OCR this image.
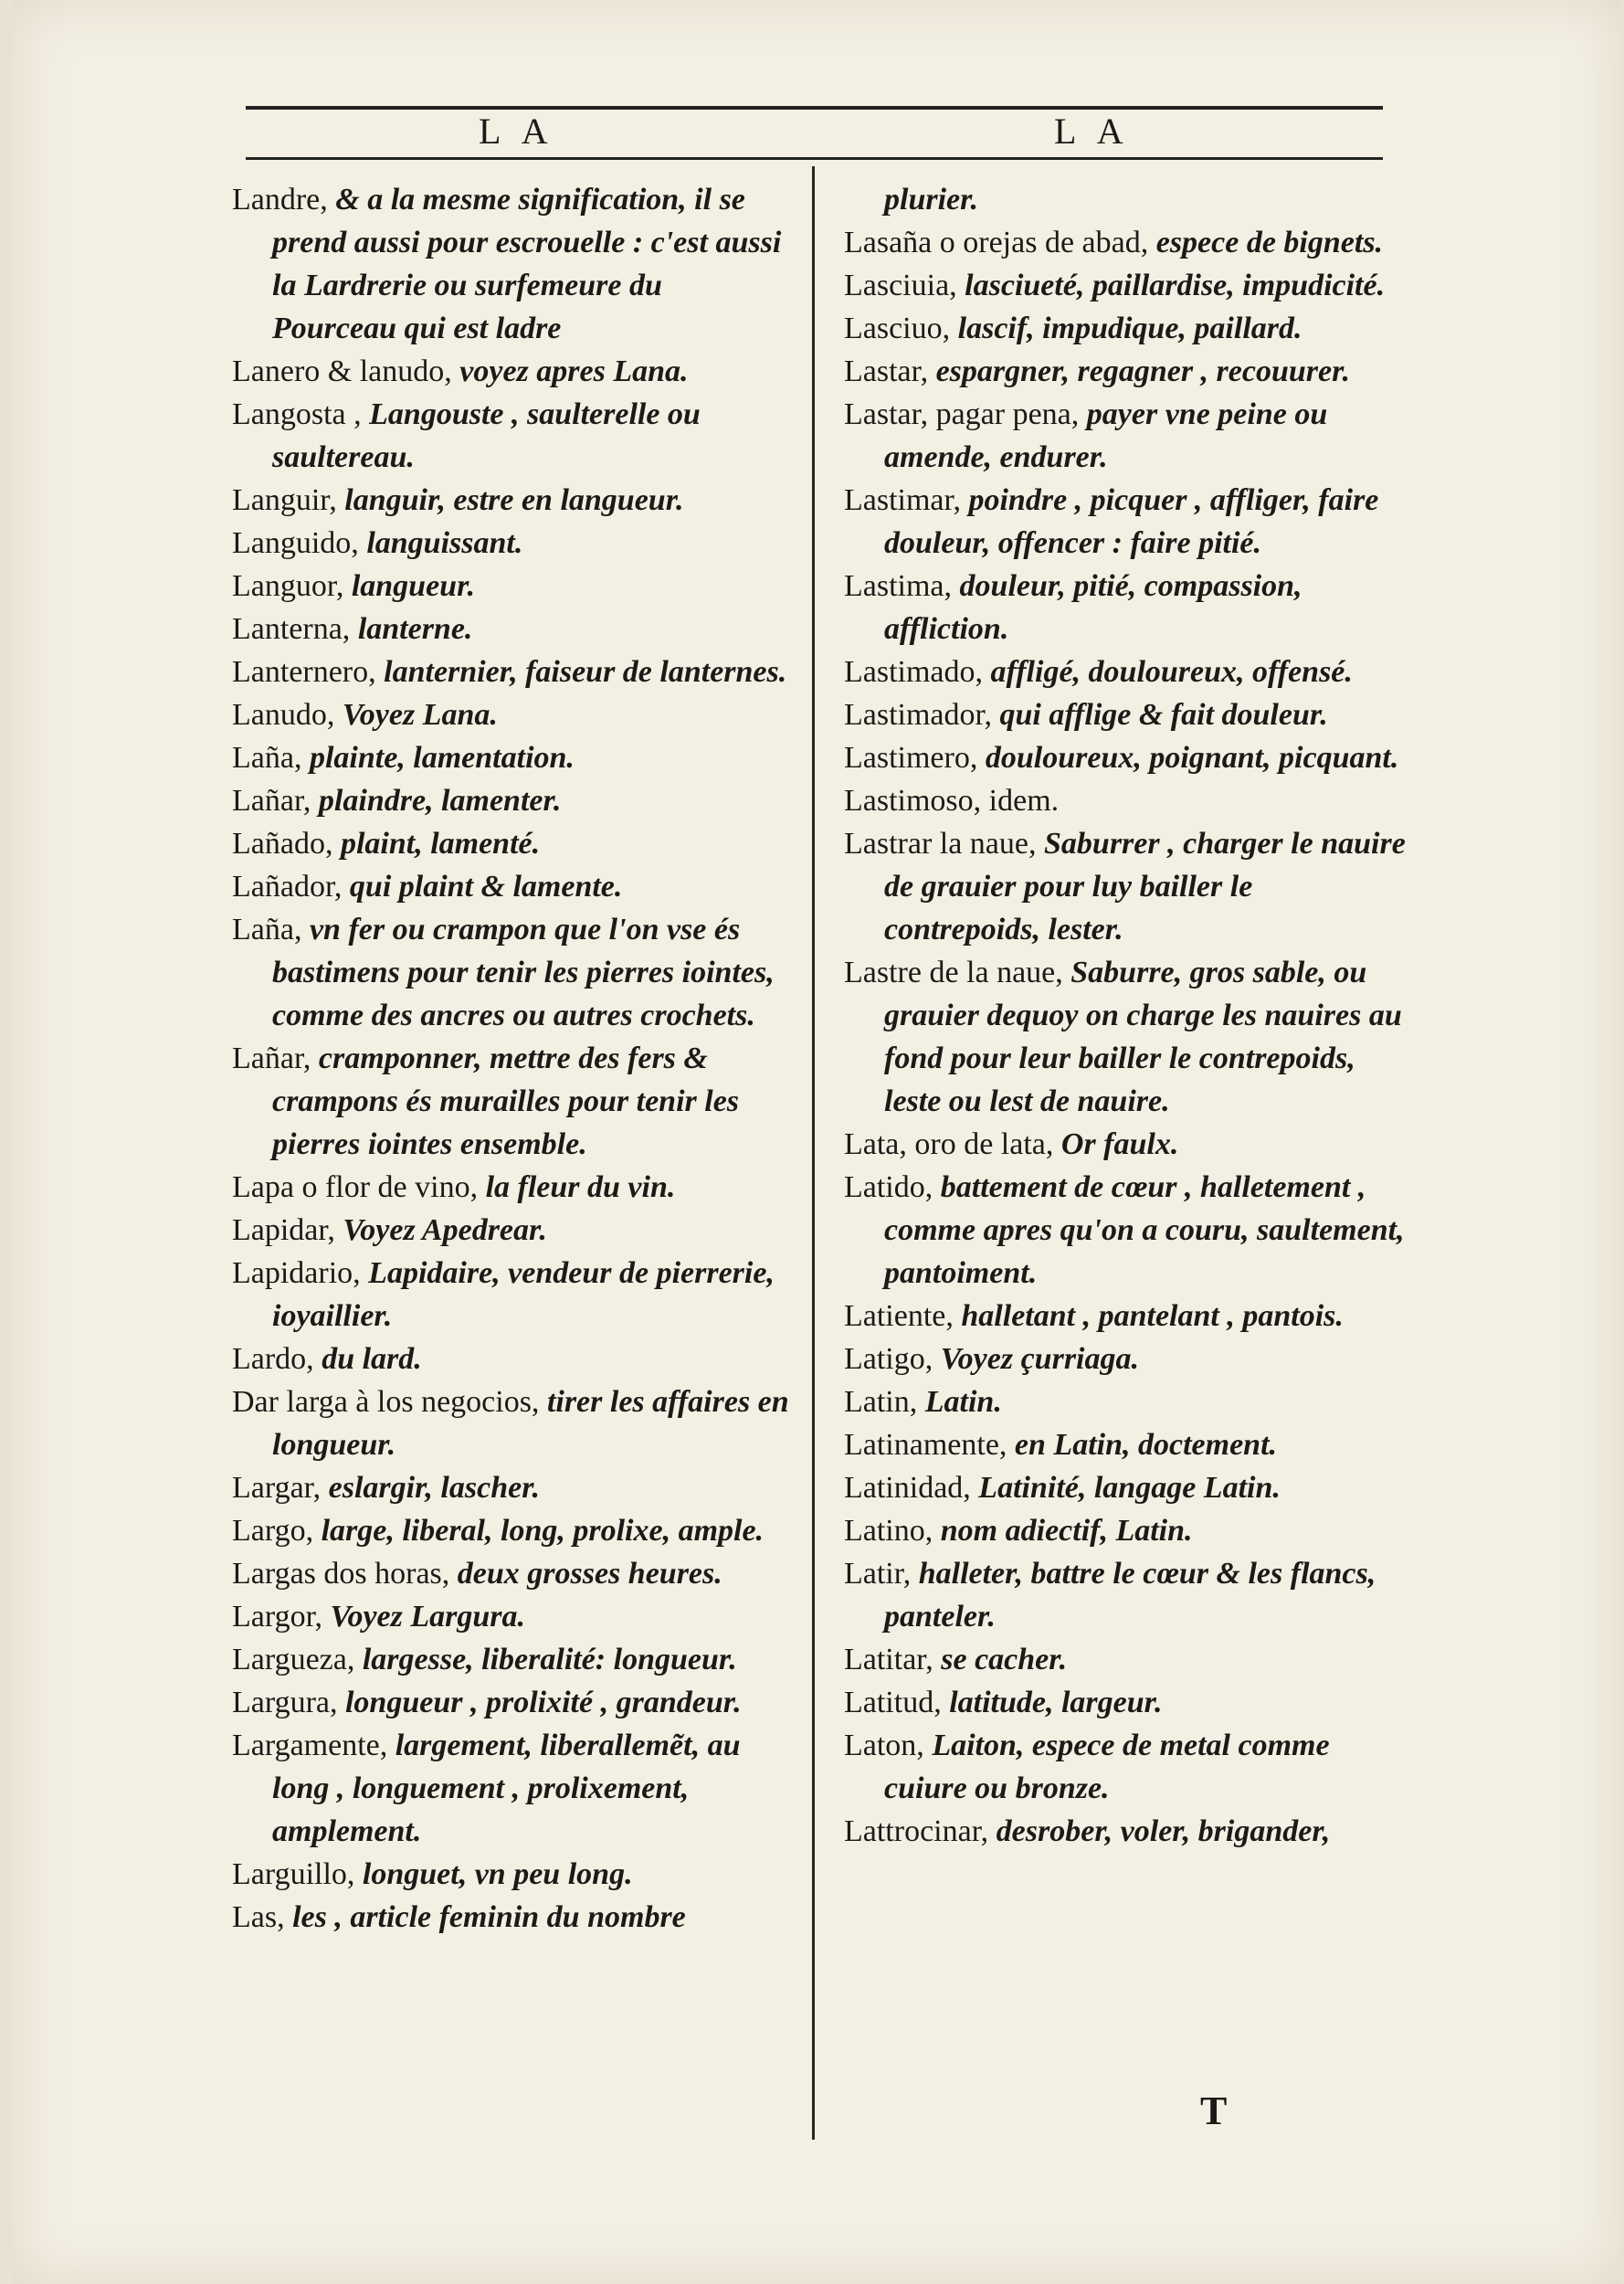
L A	L A
Landre, & a la mesme signification, il se prend aussi pour escrouelle : c'est aussi la Lardrerie ou surfemeure du Pourceau qui est ladre
Lanero & lanudo, voyez apres Lana.
Langosta , Langouste , saulterelle ou saultereau.
Languir, languir, estre en langueur.
Languido, languissant.
Languor, langueur.
Lanterna, lanterne.
Lanternero, lanternier, faiseur de lanternes.
Lanudo, Voyez Lana.
Laña, plainte, lamentation.
Lañar, plaindre, lamenter.
Lañado, plaint, lamenté.
Lañador, qui plaint & lamente.
Laña, vn fer ou crampon que l'on vse és bastimens pour tenir les pierres iointes, comme des ancres ou autres crochets.
Lañar, cramponner, mettre des fers & crampons és murailles pour tenir les pierres iointes ensemble.
Lapa o flor de vino, la fleur du vin.
Lapidar, Voyez Apedrear.
Lapidario, Lapidaire, vendeur de pierrerie, ioyaillier.
Lardo, du lard.
Dar larga à los negocios, tirer les affaires en longueur.
Largar, eslargir, lascher.
Largo, large, liberal, long, prolixe, ample.
Largas dos horas, deux grosses heures.
Largor, Voyez Largura.
Largueza, largesse, liberalité: longueur.
Largura, longueur , prolixité , grandeur.
Largamente, largement, liberallemẽt, au long , longuement , prolixement, amplement.
Larguillo, longuet, vn peu long.
Las, les , article feminin du nombre
plurier.
Lasaña o orejas de abad, espece de bignets.
Lasciuia, lasciueté, paillardise, impudicité.
Lasciuo, lascif, impudique, paillard.
Lastar, espargner, regagner , recouurer.
Lastar, pagar pena, payer vne peine ou amende, endurer.
Lastimar, poindre , picquer , affliger, faire douleur, offencer : faire pitié.
Lastima, douleur, pitié, compassion, affliction.
Lastimado, affligé, douloureux, offensé.
Lastimador, qui afflige & fait douleur.
Lastimero, douloureux, poignant, picquant.
Lastimoso, idem.
Lastrar la naue, Saburrer , charger le nauire de grauier pour luy bailler le contrepoids, lester.
Lastre de la naue, Saburre, gros sable, ou grauier dequoy on charge les nauires au fond pour leur bailler le contrepoids, leste ou lest de nauire.
Lata, oro de lata, Or faulx.
Latido, battement de cœur , halletement , comme apres qu'on a couru, saultement, pantoiment.
Latiente, halletant , pantelant , pantois.
Latigo, Voyez çurriaga.
Latin, Latin.
Latinamente, en Latin, doctement.
Latinidad, Latinité, langage Latin.
Latino, nom adiectif, Latin.
Latir, halleter, battre le cœur & les flancs, panteler.
Latitar, se cacher.
Latitud, latitude, largeur.
Laton, Laiton, espece de metal comme cuiure ou bronze.
Lattrocinar, desrober, voler, brigander,
T
